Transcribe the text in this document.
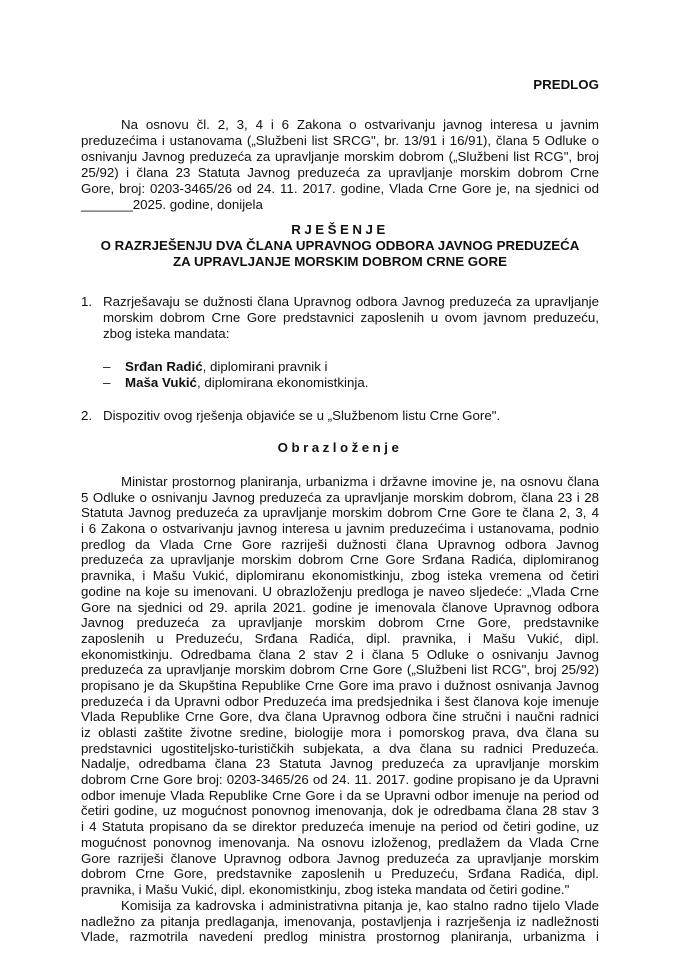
PREDLOG
Na osnovu čl. 2, 3, 4 i 6 Zakona o ostvarivanju javnog interesa u javnim
preduzećima i ustanovama („Službeni list SRCG", br. 13/91 i 16/91), člana 5 Odluke o
osnivanju Javnog preduzeća za upravljanje morskim dobrom („Službeni list RCG", broj
25/92) i člana 23 Statuta Javnog preduzeća za upravljanje morskim dobrom Crne
Gore, broj: 0203-3465/26 od 24. 11. 2017. godine, Vlada Crne Gore je, na sjednici od
_______2025. godine, donijela
RJEŠENJE
O RAZRJEŠENJU DVA ČLANA UPRAVNOG ODBORA JAVNOG PREDUZEĆA
ZA UPRAVLJANJE MORSKIM DOBROM CRNE GORE
1. Razrješavaju se dužnosti člana Upravnog odbora Javnog preduzeća za upravljanje
morskim dobrom Crne Gore predstavnici zaposlenih u ovom javnom preduzeću,
zbog isteka mandata:
– Srđan Radić, diplomirani pravnik i
– Maša Vukić, diplomirana ekonomistkinja.
2. Dispozitiv ovog rješenja objaviće se u „Službenom listu Crne Gore".
Obrazloženje
Ministar prostornog planiranja, urbanizma i državne imovine je, na osnovu člana
5 Odluke o osnivanju Javnog preduzeća za upravljanje morskim dobrom, člana 23 i 28
Statuta Javnog preduzeća za upravljanje morskim dobrom Crne Gore te člana 2, 3, 4
i 6 Zakona o ostvarivanju javnog interesa u javnim preduzećima i ustanovama, podnio
predlog da Vlada Crne Gore razriješi dužnosti člana Upravnog odbora Javnog
preduzeća za upravljanje morskim dobrom Crne Gore Srđana Radića, diplomiranog
pravnika, i Mašu Vukić, diplomiranu ekonomistkinju, zbog isteka vremena od četiri
godine na koje su imenovani. U obrazloženju predloga je naveo sljedeće: „Vlada Crne
Gore na sjednici od 29. aprila 2021. godine je imenovala članove Upravnog odbora
Javnog preduzeća za upravljanje morskim dobrom Crne Gore, predstavnike
zaposlenih u Preduzeću, Srđana Radića, dipl. pravnika, i Mašu Vukić, dipl.
ekonomistkinju. Odredbama člana 2 stav 2 i člana 5 Odluke o osnivanju Javnog
preduzeća za upravljanje morskim dobrom Crne Gore („Službeni list RCG", broj 25/92)
propisano je da Skupština Republike Crne Gore ima pravo i dužnost osnivanja Javnog
preduzeća i da Upravni odbor Preduzeća ima predsjednika i šest članova koje imenuje
Vlada Republike Crne Gore, dva člana Upravnog odbora čine stručni i naučni radnici
iz oblasti zaštite životne sredine, biologije mora i pomorskog prava, dva člana su
predstavnici ugostiteljsko-turističkih subjekata, a dva člana su radnici Preduzeća.
Nadalje, odredbama člana 23 Statuta Javnog preduzeća za upravljanje morskim
dobrom Crne Gore broj: 0203-3465/26 od 24. 11. 2017. godine propisano je da Upravni
odbor imenuje Vlada Republike Crne Gore i da se Upravni odbor imenuje na period od
četiri godine, uz mogućnost ponovnog imenovanja, dok je odredbama člana 28 stav 3
i 4 Statuta propisano da se direktor preduzeća imenuje na period od četiri godine, uz
mogućnost ponovnog imenovanja. Na osnovu izloženog, predlažem da Vlada Crne
Gore razriješi članove Upravnog odbora Javnog preduzeća za upravljanje morskim
dobrom Crne Gore, predstavnike zaposlenih u Preduzeću, Srđana Radića, dipl.
pravnika, i Mašu Vukić, dipl. ekonomistkinju, zbog isteka mandata od četiri godine."
Komisija za kadrovska i administrativna pitanja je, kao stalno radno tijelo Vlade
nadležno za pitanja predlaganja, imenovanja, postavljenja i razrješenja iz nadležnosti
Vlade, razmotrila navedeni predlog ministra prostornog planiranja, urbanizma i
